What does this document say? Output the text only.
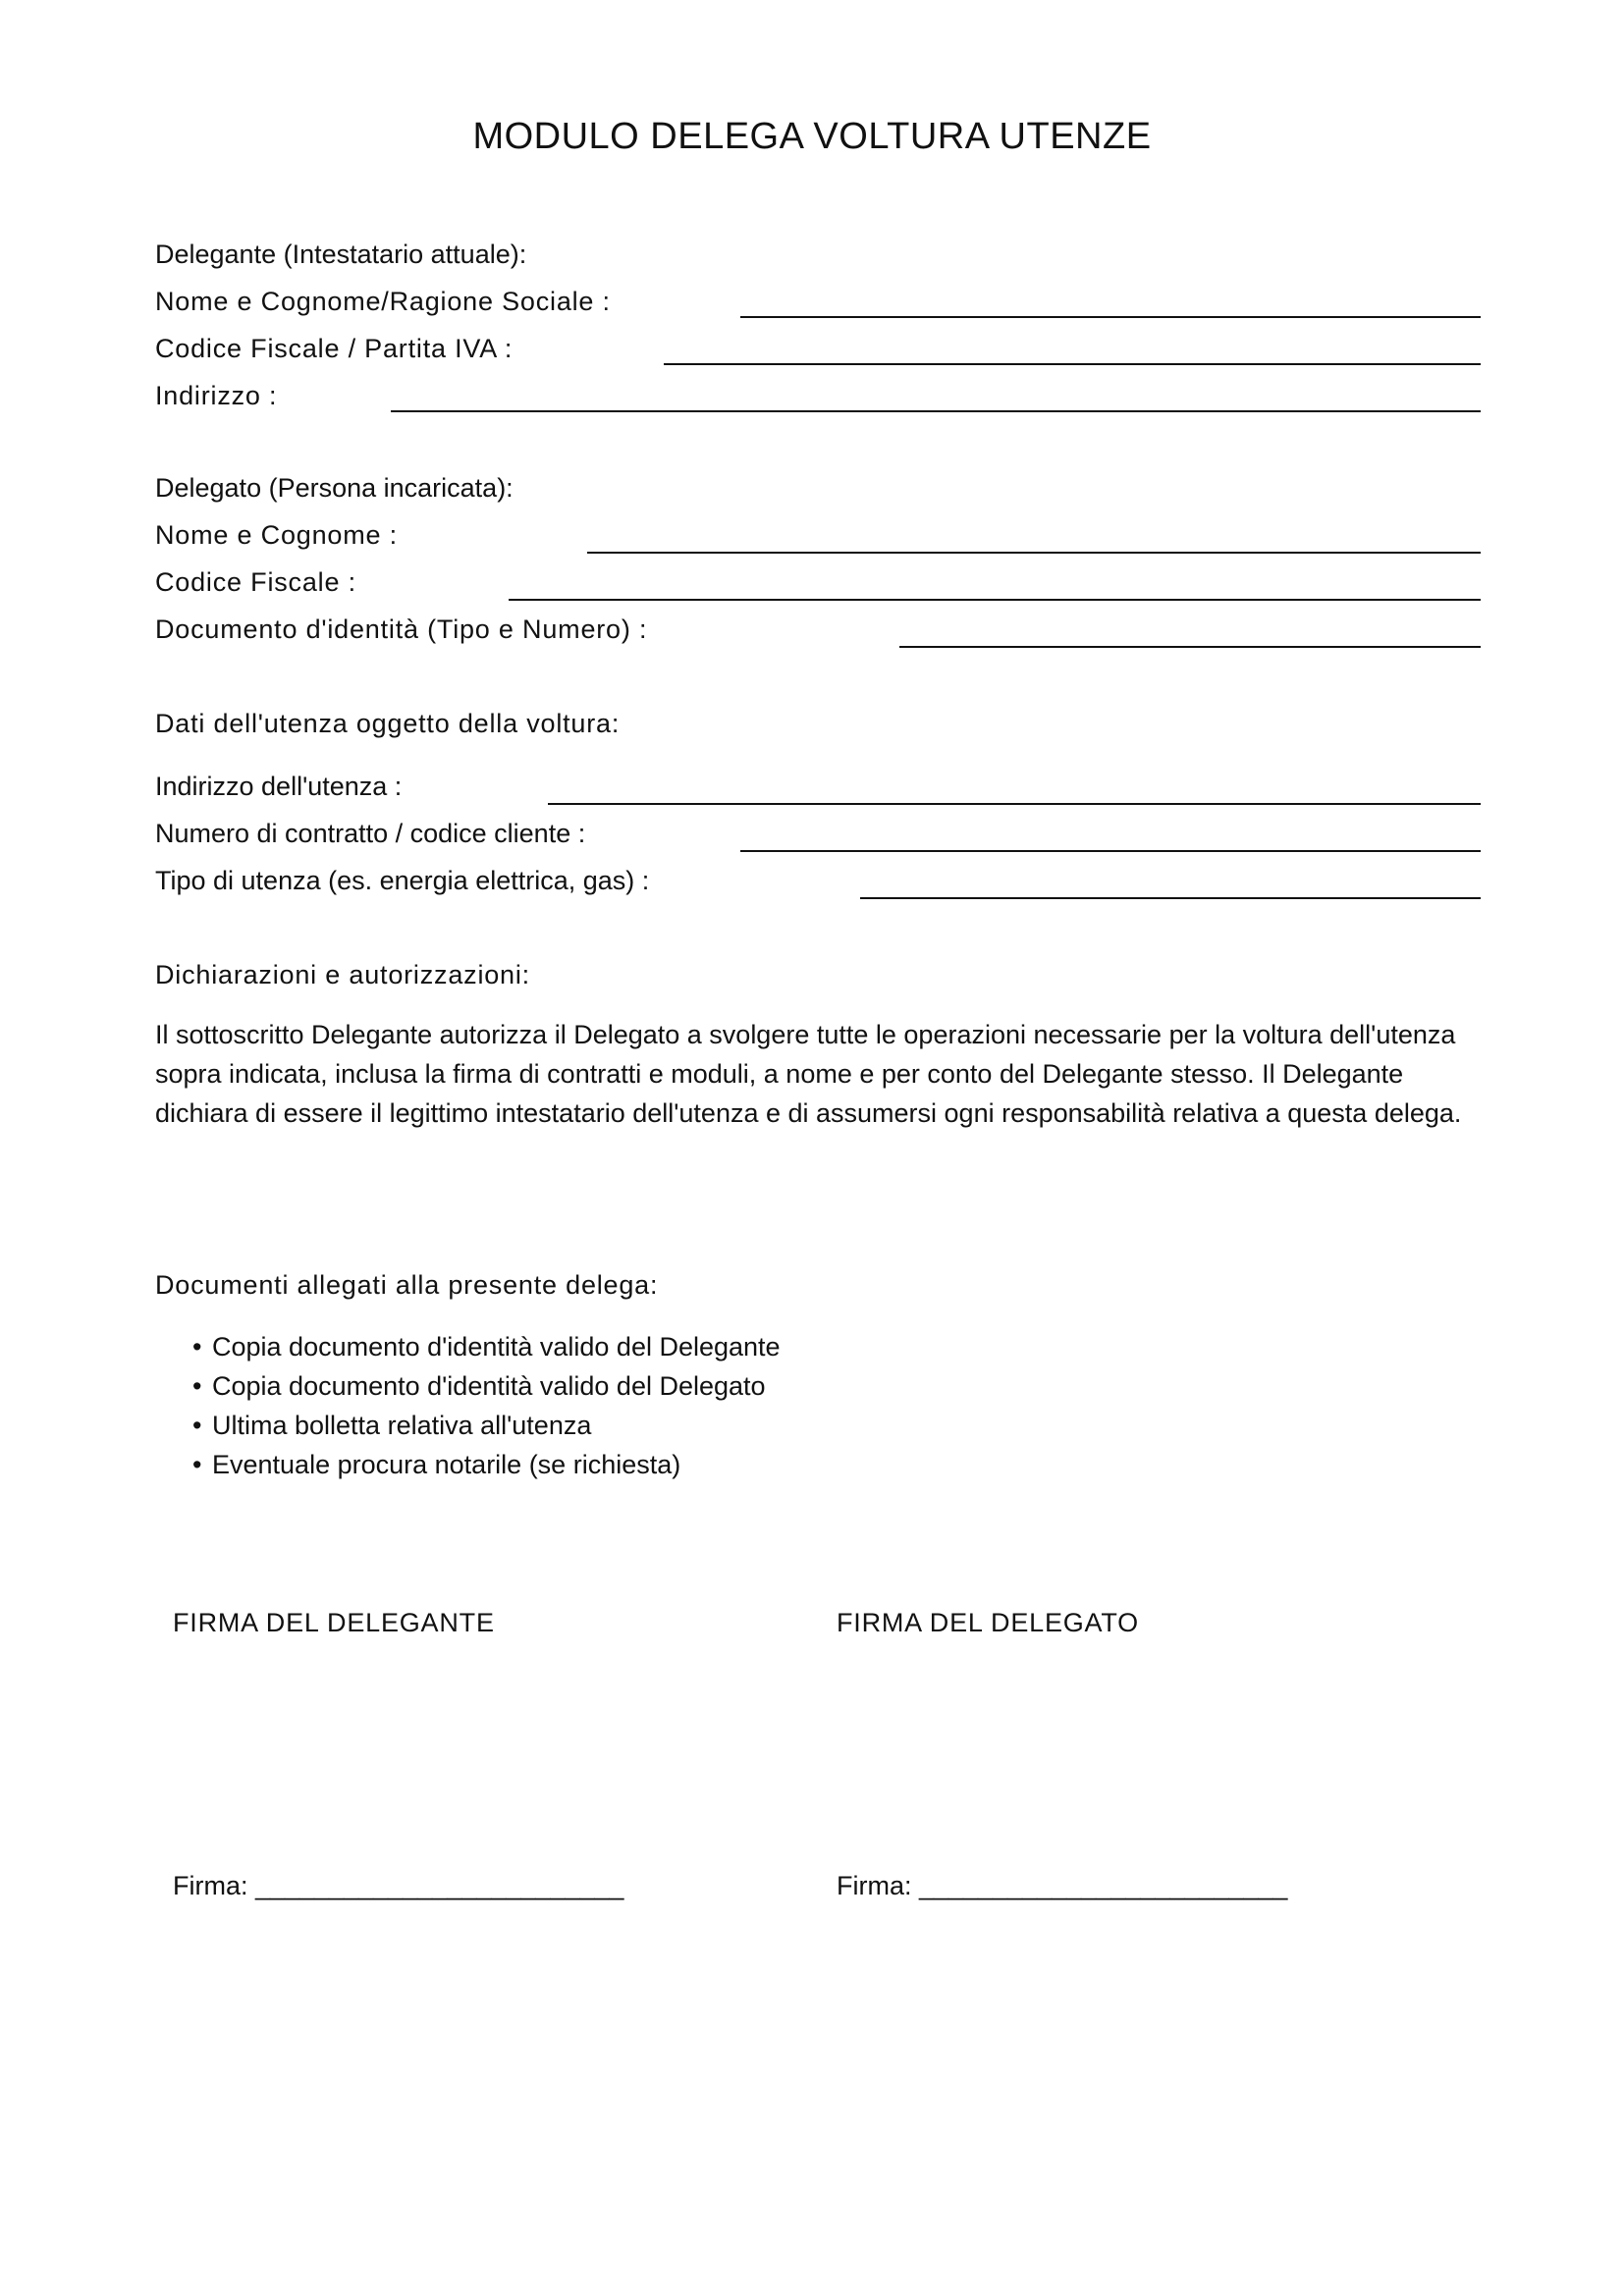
MODULO DELEGA VOLTURA UTENZE
Delegante (Intestatario attuale):
Nome e Cognome/Ragione Sociale :
Codice Fiscale / Partita IVA :
Indirizzo :
Delegato (Persona incaricata):
Nome e Cognome :
Codice Fiscale :
Documento d'identità (Tipo e Numero) :
Dati dell'utenza oggetto della voltura:
Indirizzo dell'utenza :
Numero di contratto / codice cliente :
Tipo di utenza (es. energia elettrica, gas) :
Dichiarazioni e autorizzazioni:
Il sottoscritto Delegante autorizza il Delegato a svolgere tutte le operazioni necessarie per la voltura dell'utenza sopra indicata, inclusa la firma di contratti e moduli, a nome e per conto del Delegante stesso. Il Delegante dichiara di essere il legittimo intestatario dell'utenza e di assumersi ogni responsabilità relativa a questa delega.
Documenti allegati alla presente delega:
• Copia documento d'identità valido del Delegante
• Copia documento d'identità valido del Delegato
• Ultima bolletta relativa all'utenza
• Eventuale procura notarile (se richiesta)
FIRMA DEL DELEGANTE	FIRMA DEL DELEGATO
Firma: _________________________	Firma: _________________________
